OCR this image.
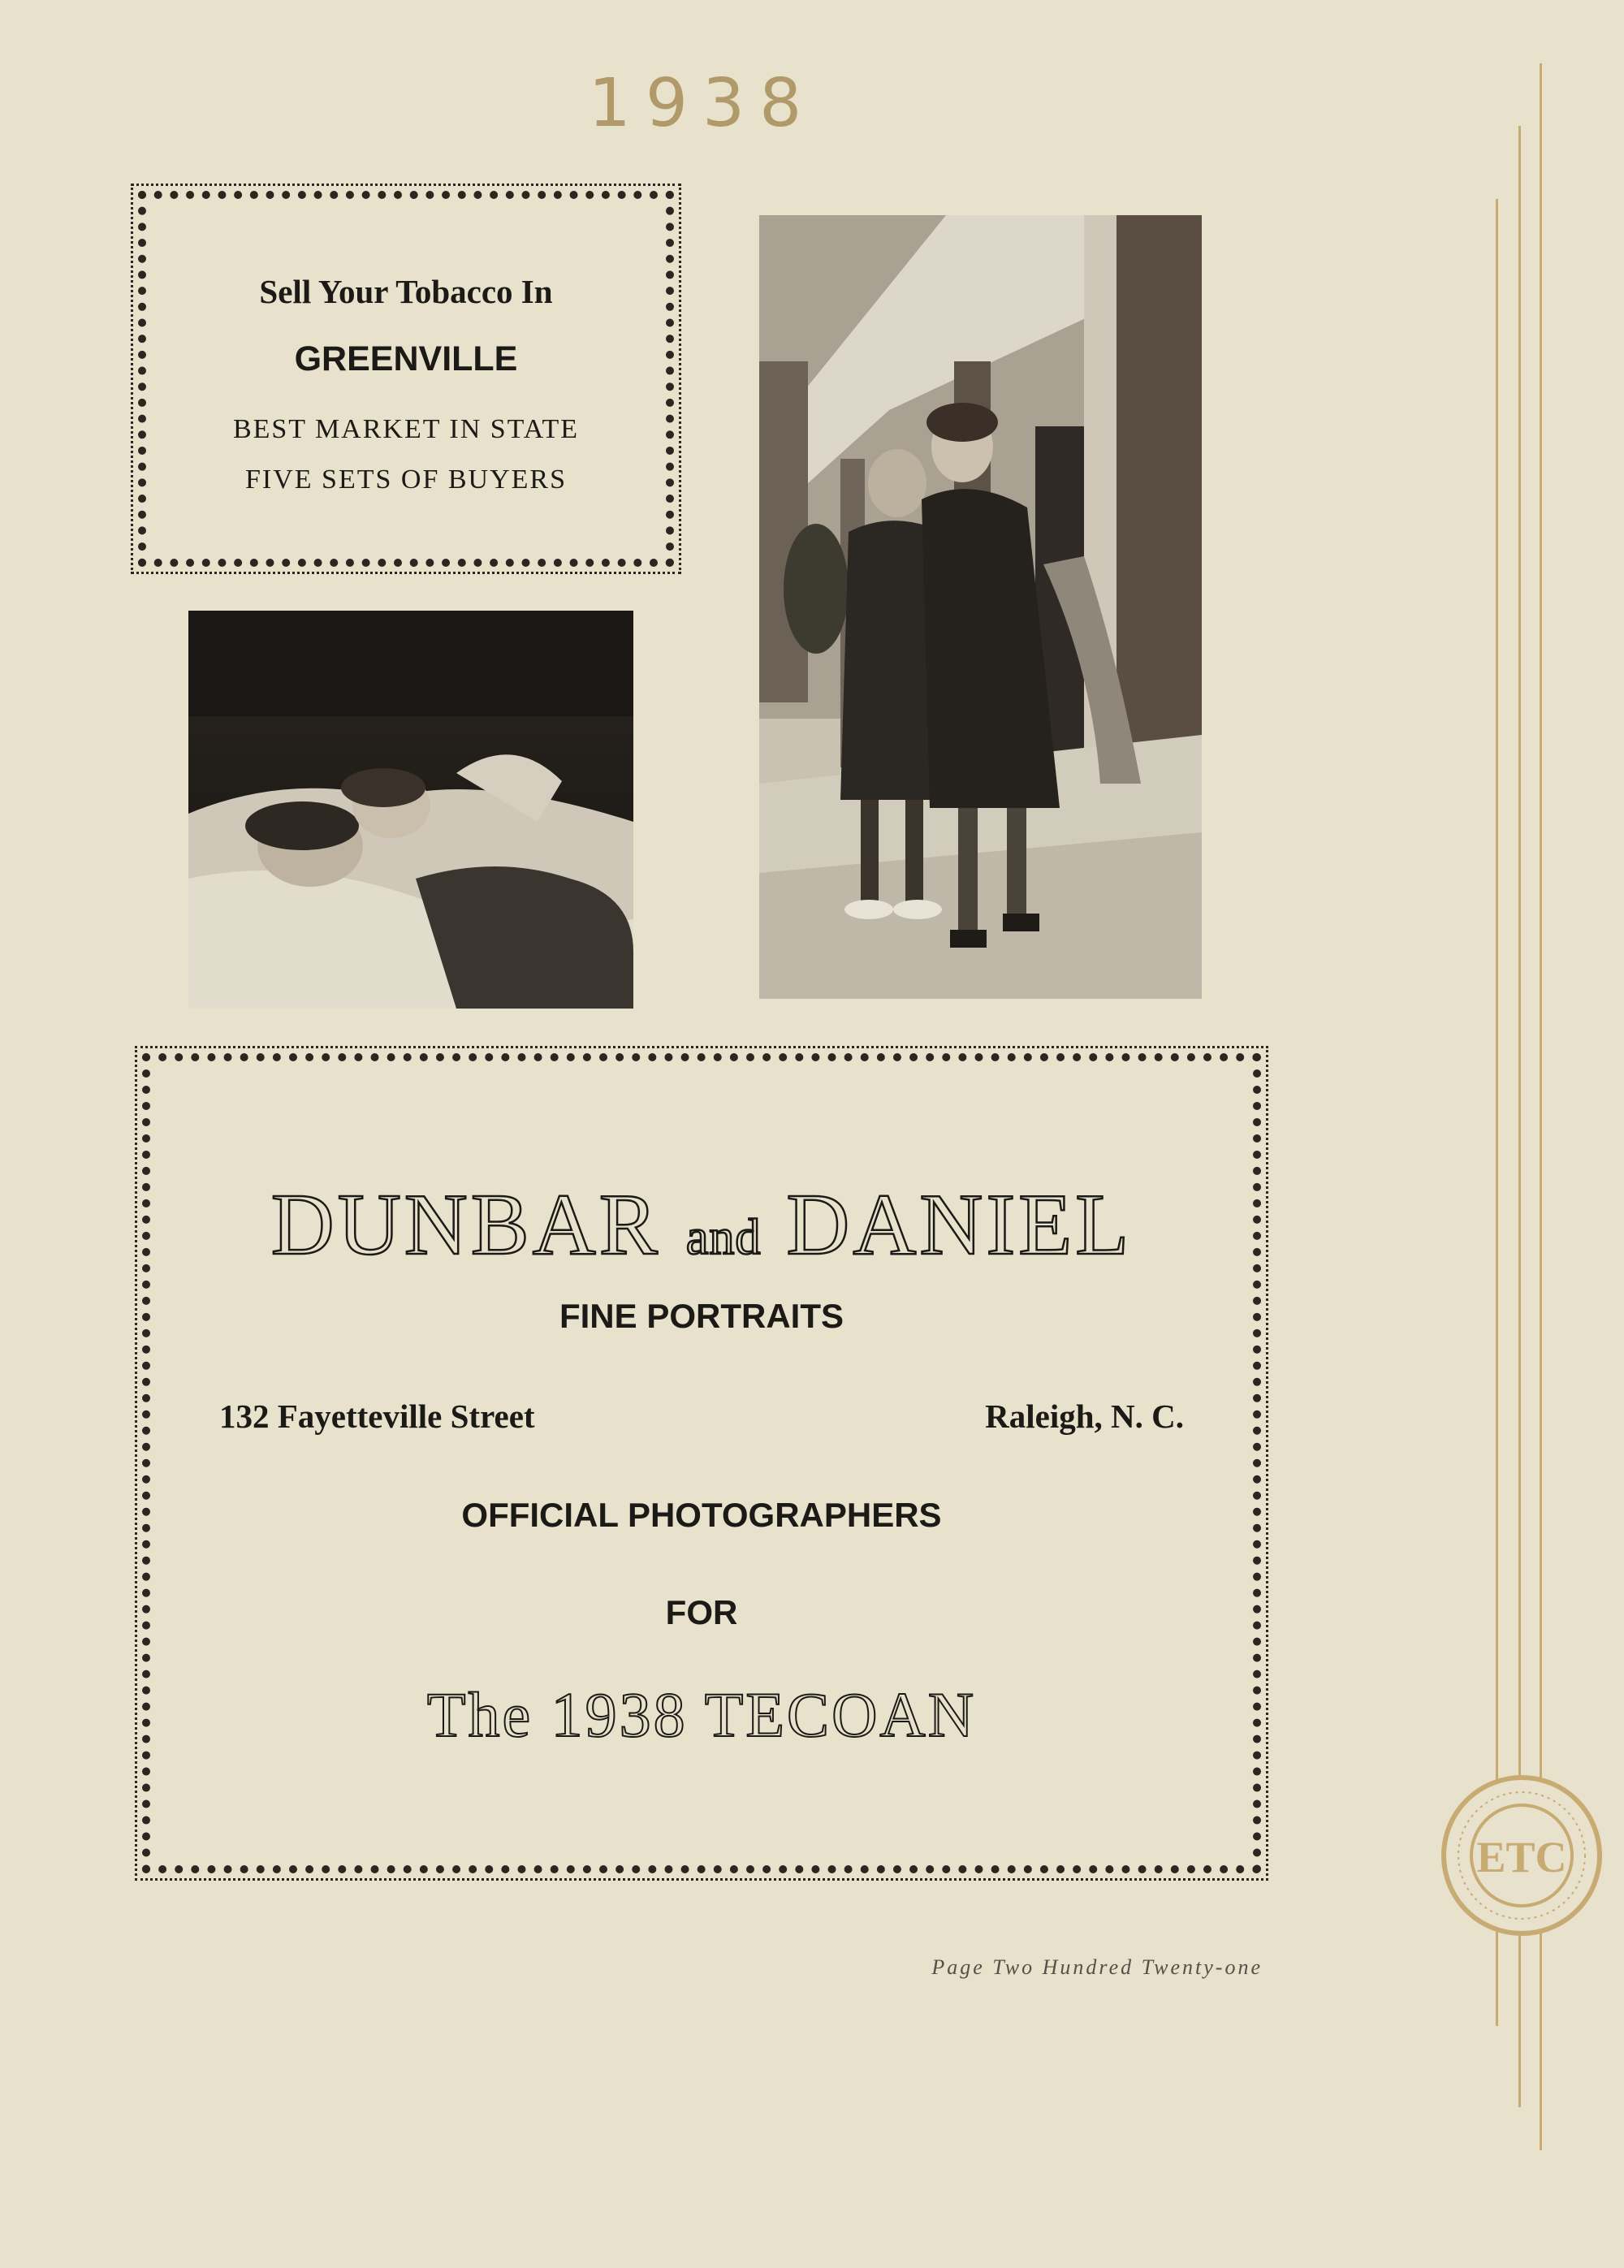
1938
Sell Your Tobacco In
GREENVILLE
BEST MARKET IN STATE
FIVE SETS OF BUYERS
DUNBAR and DANIEL
FINE PORTRAITS
132 Fayetteville Street	Raleigh, N. C.
OFFICIAL PHOTOGRAPHERS
FOR
The 1938 TECOAN
ETC
Page Two Hundred Twenty-one
